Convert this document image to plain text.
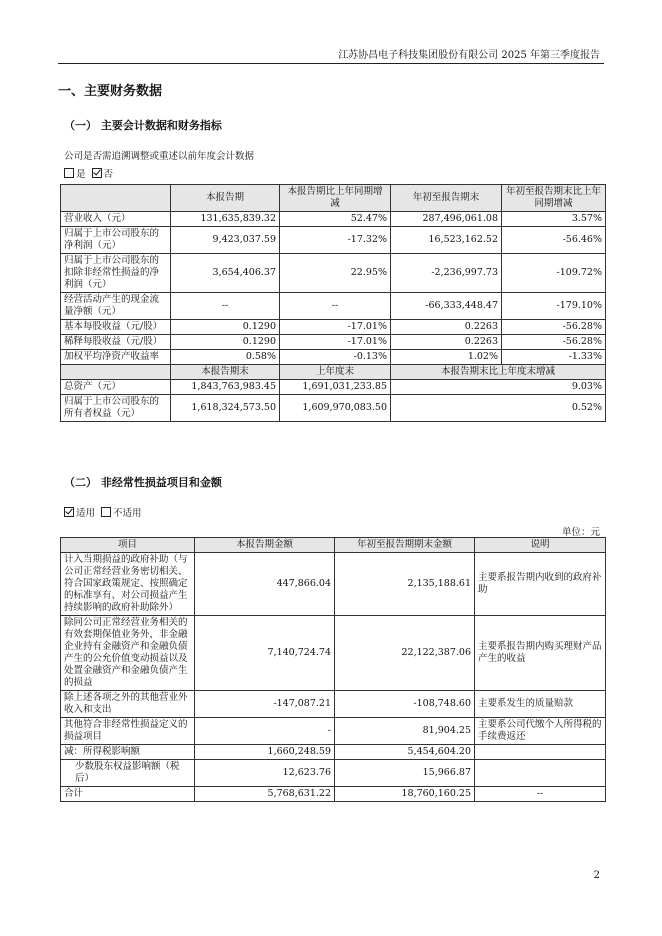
江苏协昌电子科技集团股份有限公司 2025 年第三季度报告
一、主要财务数据
（一） 主要会计数据和财务指标
公司是否需追溯调整或重述以前年度会计数据
是 否
	本报告期	本报告期比上年同期增减	年初至报告期末	年初至报告期末比上年同期增减
营业收入（元）	131,635,839.32	52.47%	287,496,061.08	3.57%
归属于上市公司股东的净利润（元）	9,423,037.59	-17.32%	16,523,162.52	-56.46%
归属于上市公司股东的扣除非经常性损益的净利润（元）	3,654,406.37	22.95%	-2,236,997.73	-109.72%
经营活动产生的现金流量净额（元）	--	--	-66,333,448.47	-179.10%
基本每股收益（元/股）	0.1290	-17.01%	0.2263	-56.28%
稀释每股收益（元/股）	0.1290	-17.01%	0.2263	-56.28%
加权平均净资产收益率	0.58%	-0.13%	1.02%	-1.33%
	本报告期末	上年度末	本报告期末比上年度末增减	
总资产（元）	1,843,763,983.45	1,691,031,233.85	9.03%	
归属于上市公司股东的所有者权益（元）	1,618,324,573.50	1,609,970,083.50	0.52%	
（二） 非经常性损益项目和金额
适用 不适用
单位：元
项目	本报告期金额	年初至报告期期末金额	说明
计入当期损益的政府补助（与公司正常经营业务密切相关、符合国家政策规定、按照确定的标准享有、对公司损益产生持续影响的政府补助除外）	447,866.04	2,135,188.61	主要系报告期内收到的政府补助
除同公司正常经营业务相关的有效套期保值业务外，非金融企业持有金融资产和金融负债产生的公允价值变动损益以及处置金融资产和金融负债产生的损益	7,140,724.74	22,122,387.06	主要系报告期内购买理财产品产生的收益
除上述各项之外的其他营业外收入和支出	-147,087.21	-108,748.60	主要系发生的质量赔款
其他符合非经常性损益定义的损益项目	-	81,904.25	主要系公司代缴个人所得税的手续费返还
减：所得税影响额	1,660,248.59	5,454,604.20	
少数股东权益影响额（税后）	12,623.76	15,966.87	
合计	5,768,631.22	18,760,160.25	--
2
